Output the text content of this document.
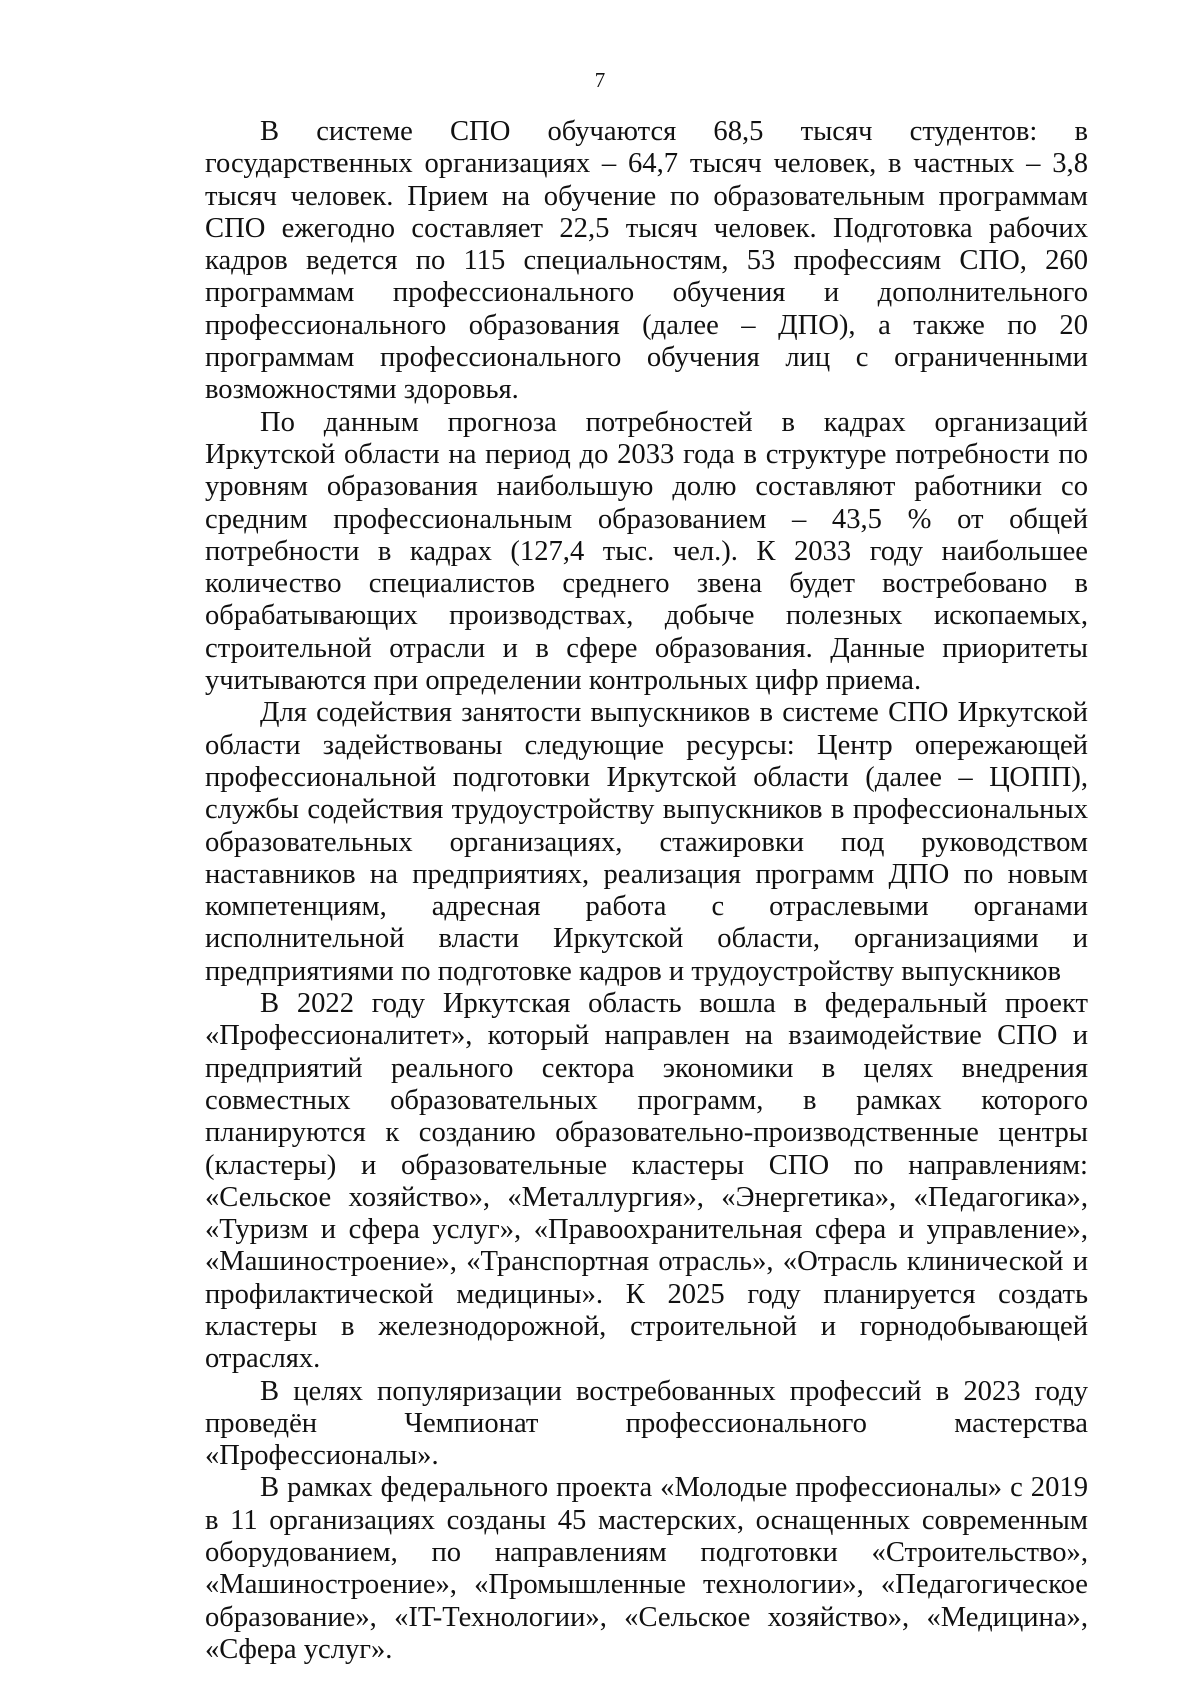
7

В системе СПО обучаются 68,5 тысяч студентов: в государственных организациях – 64,7 тысяч человек, в частных – 3,8 тысяч человек. Прием на обучение по образовательным программам СПО ежегодно составляет 22,5 тысяч человек. Подготовка рабочих кадров ведется по 115 специальностям, 53 профессиям СПО, 260 программам профессионального обучения и дополнительного профессионального образования (далее – ДПО), а также по 20 программам профессионального обучения лиц с ограниченными возможностями здоровья.

По данным прогноза потребностей в кадрах организаций Иркутской области на период до 2033 года в структуре потребности по уровням образования наибольшую долю составляют работники со средним профессиональным образованием – 43,5 % от общей потребности в кадрах (127,4 тыс. чел.). К 2033 году наибольшее количество специалистов среднего звена будет востребовано в обрабатывающих производствах, добыче полезных ископаемых, строительной отрасли и в сфере образования. Данные приоритеты учитываются при определении контрольных цифр приема.

Для содействия занятости выпускников в системе СПО Иркутской области задействованы следующие ресурсы: Центр опережающей профессиональной подготовки Иркутской области (далее – ЦОПП), службы содействия трудоустройству выпускников в профессиональных образовательных организациях, стажировки под руководством наставников на предприятиях, реализация программ ДПО по новым компетенциям, адресная работа с отраслевыми органами исполнительной власти Иркутской области, организациями и предприятиями по подготовке кадров и трудоустройству выпускников

В 2022 году Иркутская область вошла в федеральный проект «Профессионалитет», который направлен на взаимодействие СПО и предприятий реального сектора экономики в целях внедрения совместных образовательных программ, в рамках которого планируются к созданию образовательно-производственные центры (кластеры) и образовательные кластеры СПО по направлениям: «Сельское хозяйство», «Металлургия», «Энергетика», «Педагогика», «Туризм и сфера услуг», «Правоохранительная сфера и управление», «Машиностроение», «Транспортная отрасль», «Отрасль клинической и профилактической медицины». К 2025 году планируется создать кластеры в железнодорожной, строительной и горнодобывающей отраслях.

В целях популяризации востребованных профессий в 2023 году проведён Чемпионат профессионального мастерства «Профессионалы».

В рамках федерального проекта «Молодые профессионалы» с 2019 в 11 организациях созданы 45 мастерских, оснащенных современным оборудованием, по направлениям подготовки «Строительство», «Машиностроение», «Промышленные технологии», «Педагогическое образование», «IT-Технологии», «Сельское хозяйство», «Медицина», «Сфера услуг».
